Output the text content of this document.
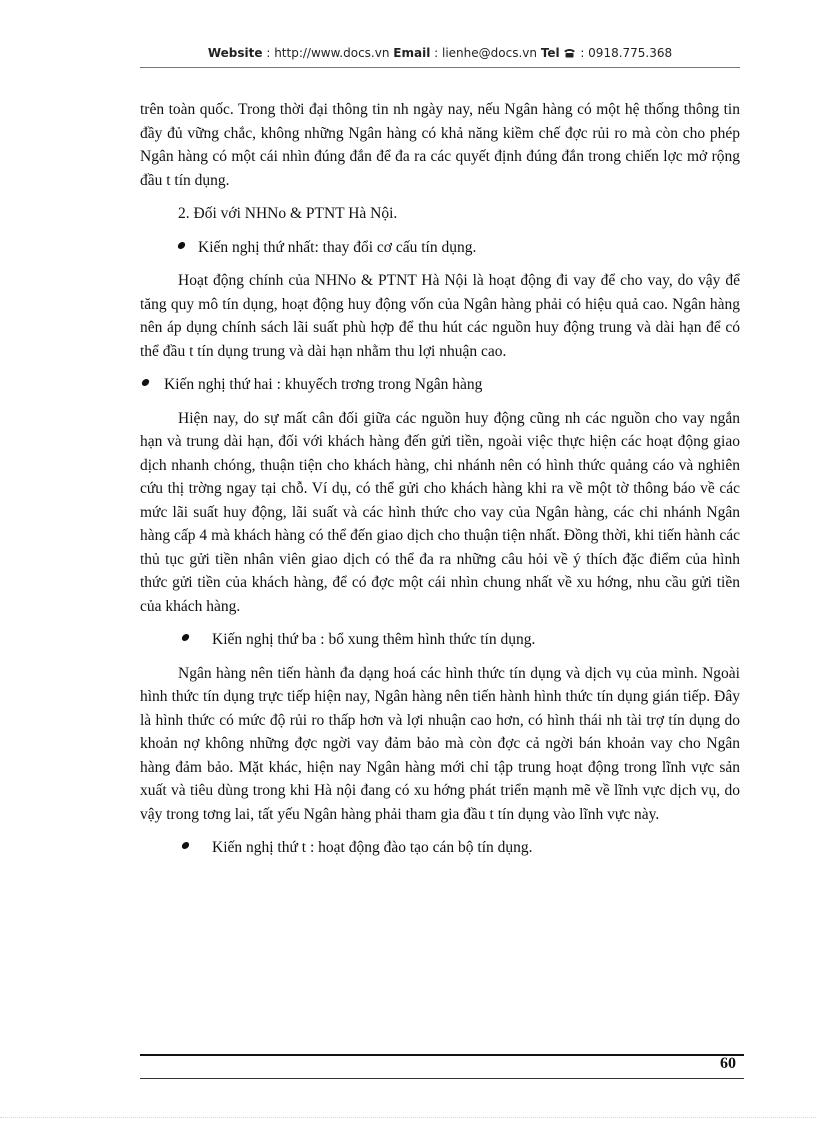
Website : http://www.docs.vn Email : lienhe@docs.vn Tel : 0918.775.368

trên toàn quốc. Trong thời đại thông tin nh ngày nay, nếu Ngân hàng có một hệ thống thông tin đầy đủ vững chắc, không những Ngân hàng có khả năng kiềm chế đợc rủi ro mà còn cho phép Ngân hàng có một cái nhìn đúng đắn để đa ra các quyết định đúng đắn trong chiến lợc mở rộng đầu t tín dụng.

2. Đối với NHNo & PTNT Hà Nội.
Kiến nghị thứ nhất: thay đổi cơ cấu tín dụng.

Hoạt động chính của NHNo & PTNT Hà Nội là hoạt động đi vay để cho vay, do vậy để tăng quy mô tín dụng, hoạt động huy động vốn của Ngân hàng phải có hiệu quả cao. Ngân hàng nên áp dụng chính sách lãi suất phù hợp để thu hút các nguồn huy động trung và dài hạn để có thể đầu t tín dụng trung và dài hạn nhằm thu lợi nhuận cao.

Kiến nghị thứ hai : khuyếch trơng trong Ngân hàng

Hiện nay, do sự mất cân đối giữa các nguồn huy động cũng nh các nguồn cho vay ngắn hạn và trung dài hạn, đối với khách hàng đến gửi tiền, ngoài việc thực hiện các hoạt động giao dịch nhanh chóng, thuận tiện cho khách hàng, chi nhánh nên có hình thức quảng cáo và nghiên cứu thị trờng ngay tại chỗ. Ví dụ, có thể gửi cho khách hàng khi ra về một tờ thông báo về các mức lãi suất huy động, lãi suất và các hình thức cho vay của Ngân hàng, các chi nhánh Ngân hàng cấp 4 mà khách hàng có thể đến giao dịch cho thuận tiện nhất. Đồng thời, khi tiến hành các thủ tục gửi tiền nhân viên giao dịch có thể đa ra những câu hỏi về ý thích đặc điểm của hình thức gửi tiền của khách hàng, để có đợc một cái nhìn chung nhất về xu hớng, nhu cầu gửi tiền của khách hàng.

Kiến nghị thứ ba : bổ xung thêm hình thức tín dụng.

Ngân hàng nên tiến hành đa dạng hoá các hình thức tín dụng và dịch vụ của mình. Ngoài hình thức tín dụng trực tiếp hiện nay, Ngân hàng nên tiến hành hình thức tín dụng gián tiếp. Đây là hình thức có mức độ rủi ro thấp hơn và lợi nhuận cao hơn, có hình thái nh tài trợ tín dụng do khoản nợ không những đợc ngời vay đảm bảo mà còn đợc cả ngời bán khoản vay cho Ngân hàng đảm bảo. Mặt khác, hiện nay Ngân hàng mới chỉ tập trung hoạt động trong lĩnh vực sản xuất và tiêu dùng trong khi Hà nội đang có xu hớng phát triển mạnh mẽ về lĩnh vực dịch vụ, do vậy trong tơng lai, tất yếu Ngân hàng phải tham gia đầu t tín dụng vào lĩnh vực này.

Kiến nghị thứ t : hoạt động đào tạo cán bộ tín dụng.
60
